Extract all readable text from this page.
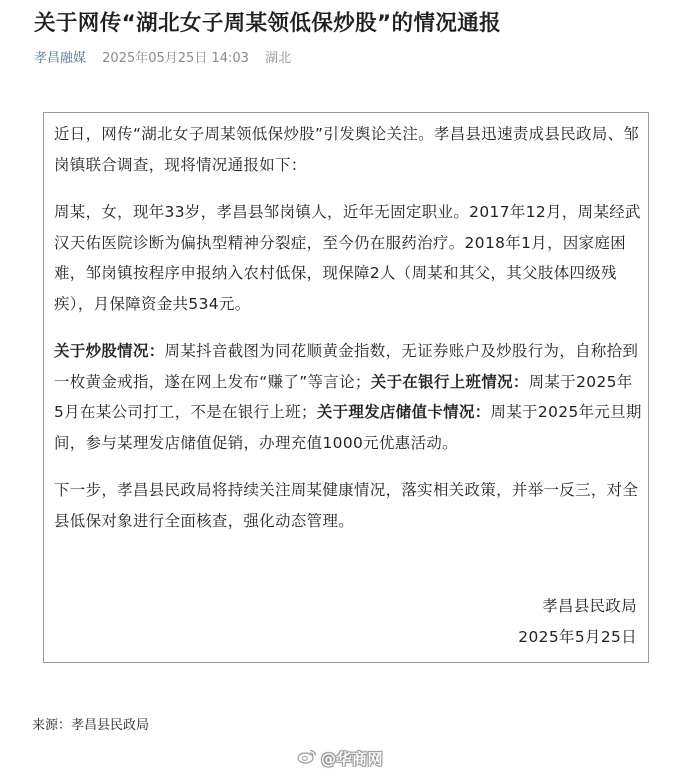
关于网传“湖北女子周某领低保炒股”的情况通报
孝昌融媒 2025年05月25日 14:03 湖北

近日，网传“湖北女子周某领低保炒股”引发舆论关注。孝昌县迅速责成县民政局、邹岗镇联合调查，现将情况通报如下：

周某，女，现年33岁，孝昌县邹岗镇人，近年无固定职业。2017年12月，周某经武汉天佑医院诊断为偏执型精神分裂症，至今仍在服药治疗。2018年1月，因家庭困难，邹岗镇按程序申报纳入农村低保，现保障2人（周某和其父，其父肢体四级残疾），月保障资金共534元。

关于炒股情况：周某抖音截图为同花顺黄金指数，无证券账户及炒股行为，自称拾到一枚黄金戒指，遂在网上发布“赚了”等言论；关于在银行上班情况：周某于2025年5月在某公司打工，不是在银行上班；关于理发店储值卡情况：周某于2025年元旦期间，参与某理发店储值促销，办理充值1000元优惠活动。

下一步，孝昌县民政局将持续关注周某健康情况，落实相关政策，并举一反三，对全县低保对象进行全面核查，强化动态管理。

孝昌县民政局
2025年5月25日
来源：孝昌县民政局
@华商网
